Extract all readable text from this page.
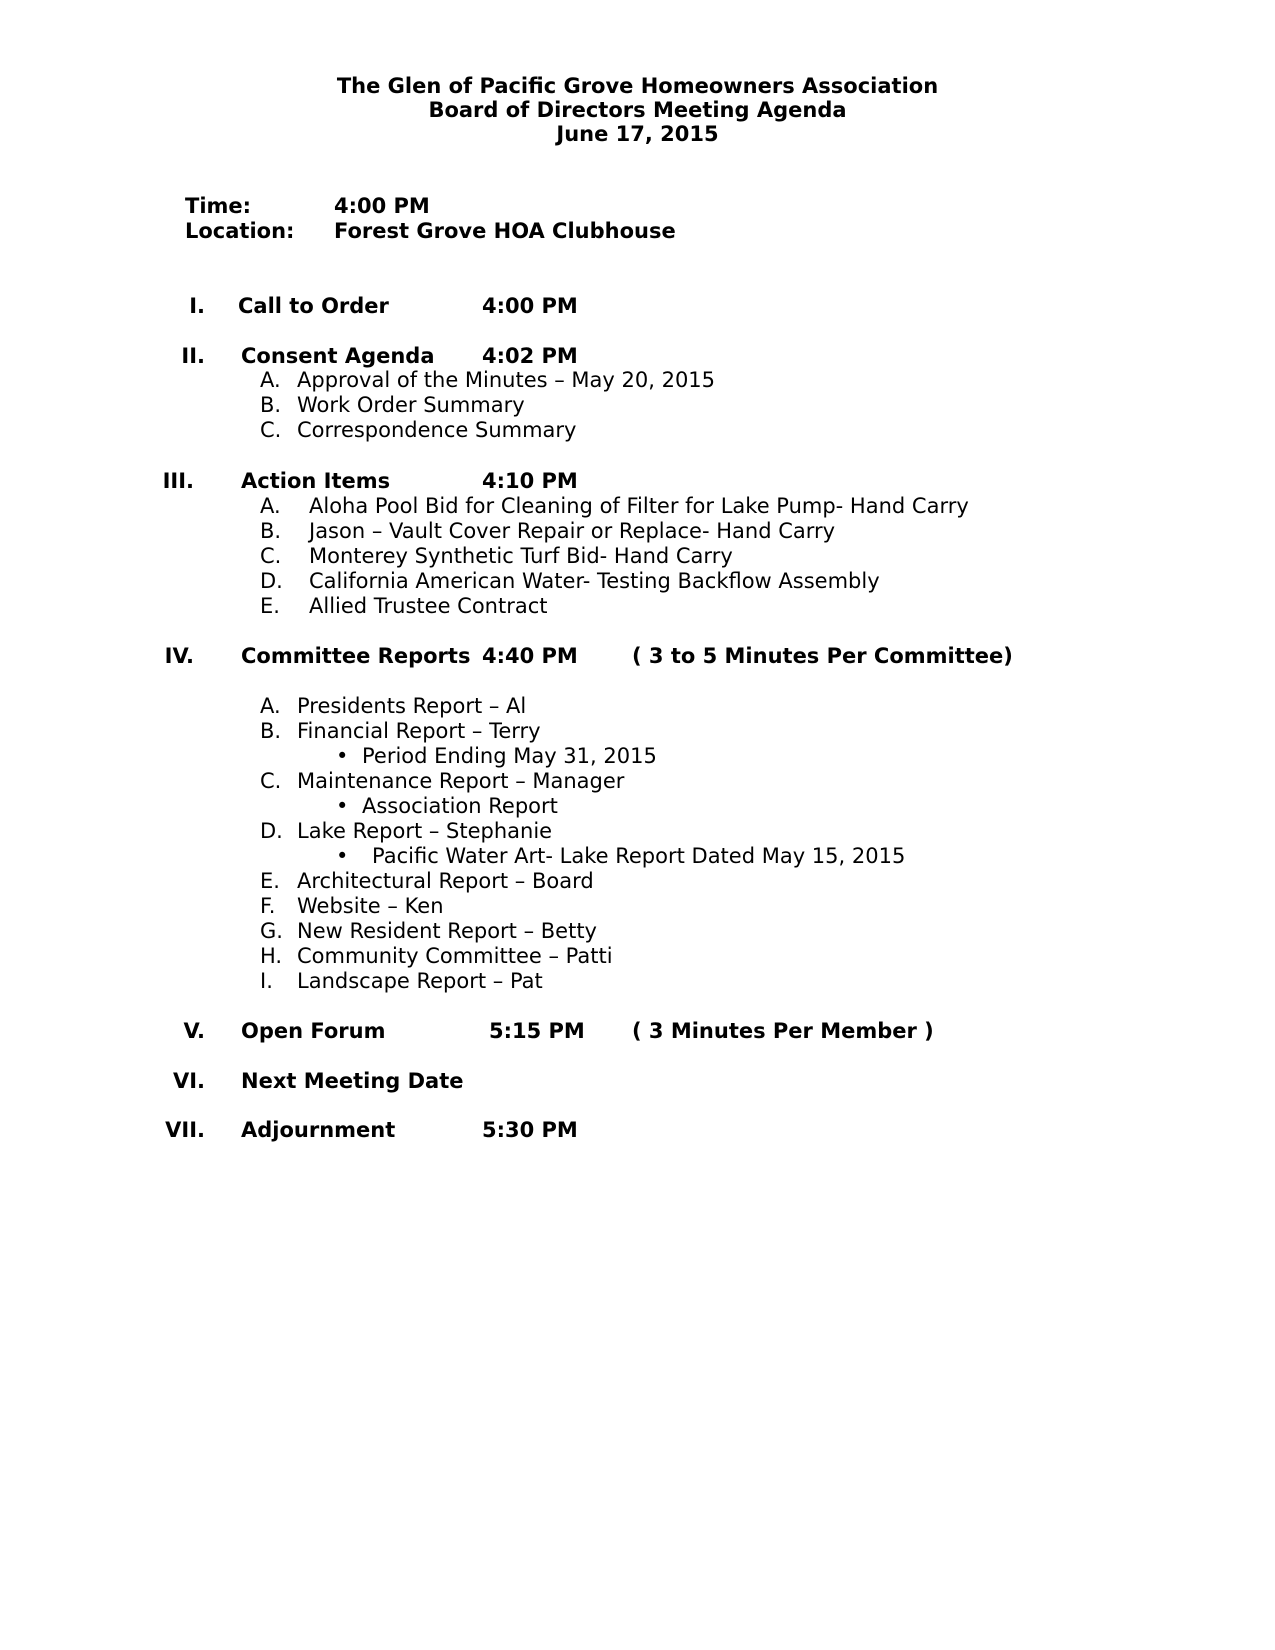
The Glen of Pacific Grove Homeowners Association
Board of Directors Meeting Agenda
June 17, 2015
Time:	4:00 PM
Location: Forest Grove HOA Clubhouse
I. Call to Order	4:00 PM
II. Consent Agenda 4:02 PM
A. Approval of the Minutes – May 20, 2015
B. Work Order Summary
C. Correspondence Summary
III. Action Items	4:10 PM
A. Aloha Pool Bid for Cleaning of Filter for Lake Pump- Hand Carry
B. Jason – Vault Cover Repair or Replace- Hand Carry
C. Monterey Synthetic Turf Bid- Hand Carry
D. California American Water- Testing Backflow Assembly
E. Allied Trustee Contract
IV. Committee Reports 4:40 PM	( 3 to 5 Minutes Per Committee)
A. Presidents Report – Al
B. Financial Report – Terry
•
Period Ending May 31, 2015
C. Maintenance Report – Manager
•
Association Report
D. Lake Report – Stephanie
•
Pacific Water Art- Lake Report Dated May 15, 2015
E. Architectural Report – Board
F. Website – Ken
G. New Resident Report – Betty
H. Community Committee – Patti
I. Landscape Report – Pat
V. Open Forum	5:15 PM ( 3 Minutes Per Member )
VI. Next Meeting Date
VII. Adjournment	5:30 PM
